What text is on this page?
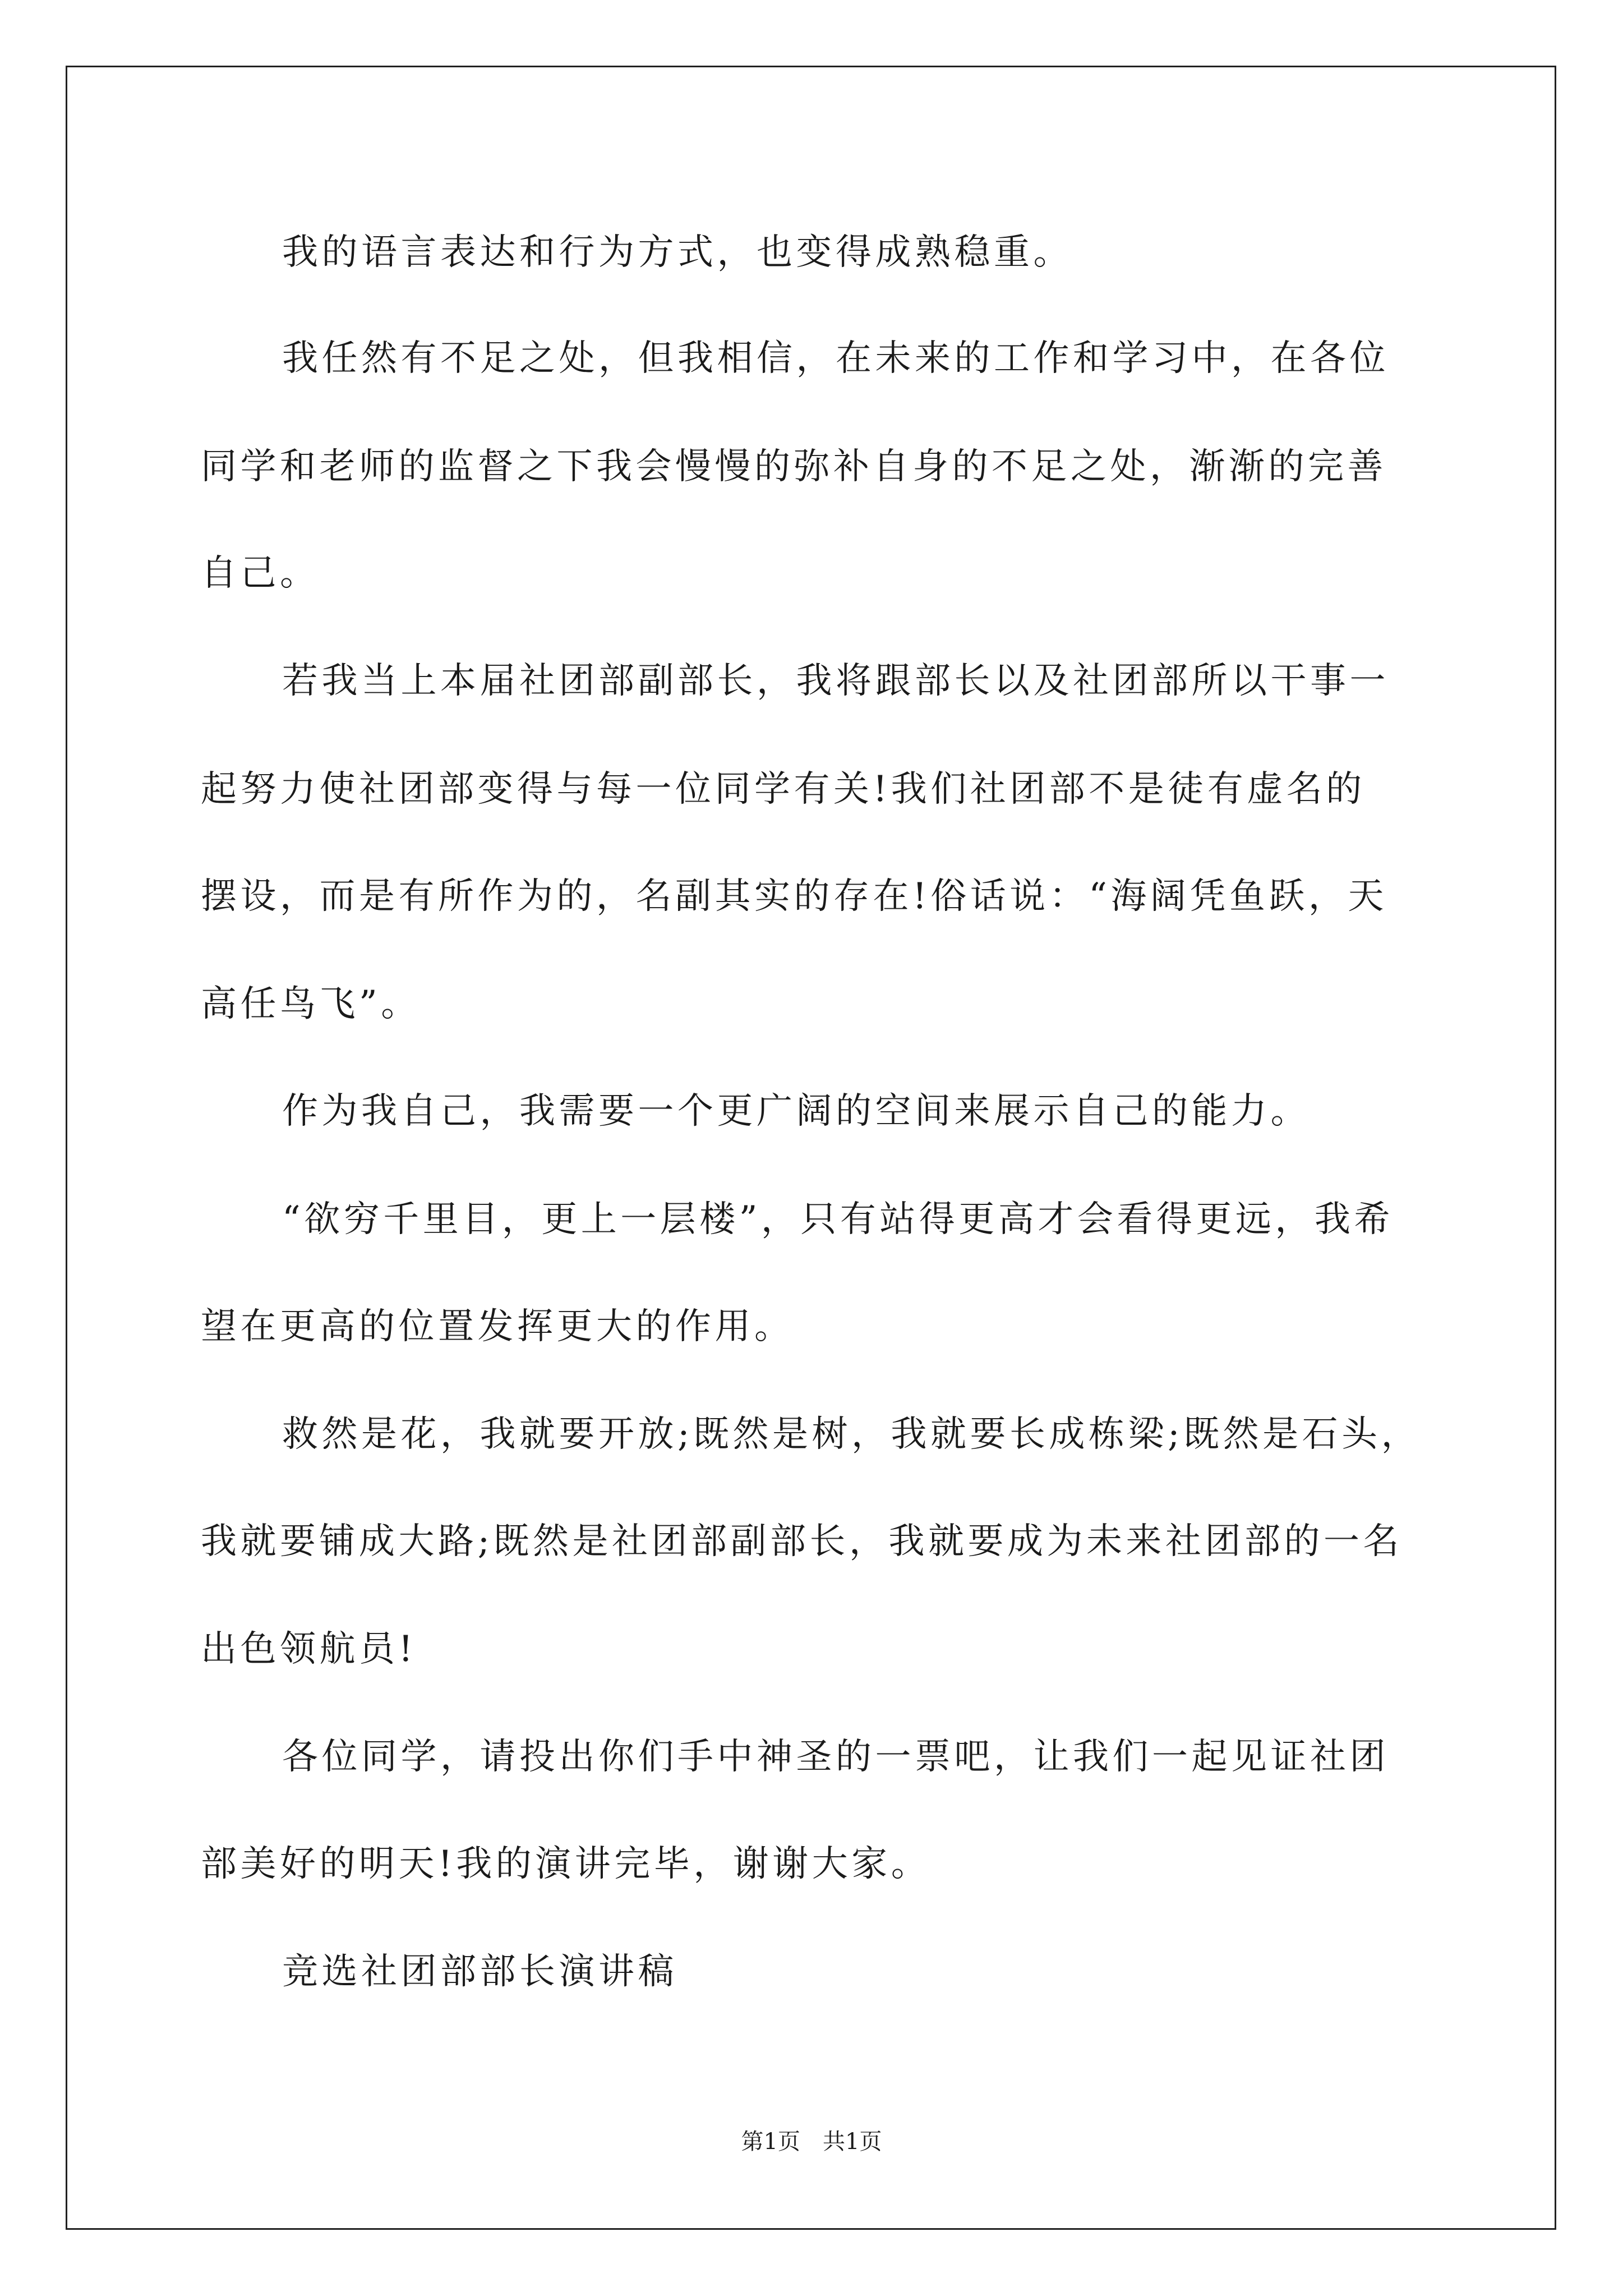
我的语言表达和行为方式，也变得成熟稳重。
我任然有不足之处，但我相信，在未来的工作和学习中，在各位
同学和老师的监督之下我会慢慢的弥补自身的不足之处，渐渐的完善
自己。
若我当上本届社团部副部长，我将跟部长以及社团部所以干事一
起努力使社团部变得与每一位同学有关!我们社团部不是徒有虚名的
摆设，而是有所作为的，名副其实的存在!俗话说：“海阔凭鱼跃，天
高任鸟飞”。
作为我自己，我需要一个更广阔的空间来展示自己的能力。
“欲穷千里目，更上一层楼”，只有站得更高才会看得更远，我希
望在更高的位置发挥更大的作用。
救然是花，我就要开放;既然是树，我就要长成栋梁;既然是石头，
我就要铺成大路;既然是社团部副部长，我就要成为未来社团部的一名
出色领航员!
各位同学，请投出你们手中神圣的一票吧，让我们一起见证社团
部美好的明天!我的演讲完毕，谢谢大家。
竞选社团部部长演讲稿
第1页　共1页
